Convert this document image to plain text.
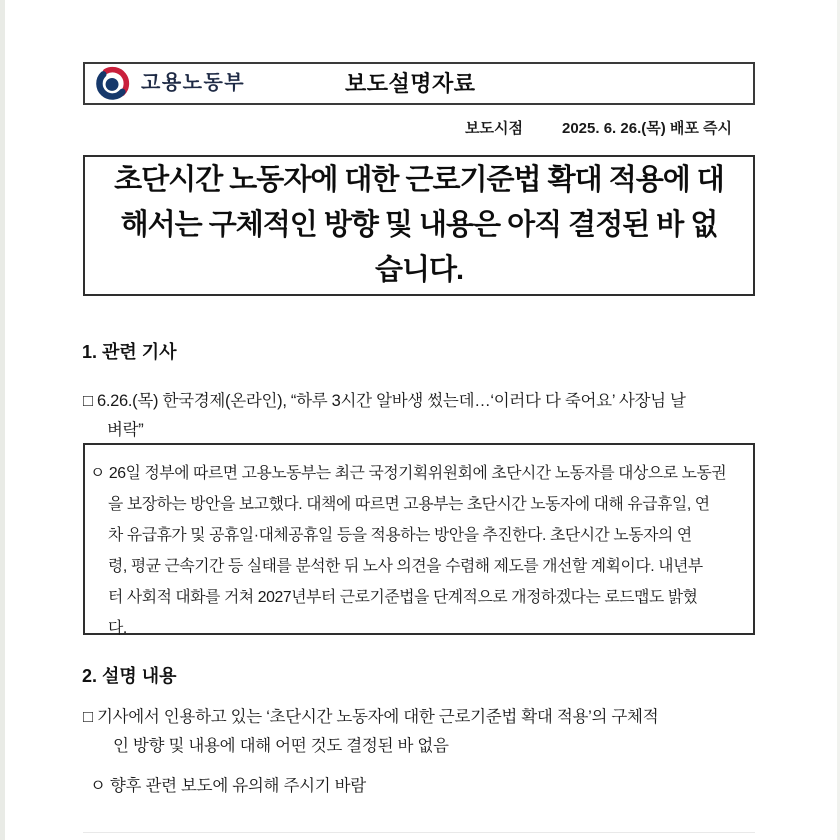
고용노동부	보도설명자료
보도시점	2025. 6. 26.(목) 배포 즉시
초단시간 노동자에 대한 근로기준법 확대 적용에 대
해서는 구체적인 방향 및 내용은 아직 결정된 바 없
습니다.
1. 관련 기사
□ 6.26.(목) 한국경제(온라인), “하루 3시간 알바생 썼는데…‘이러다 다 죽어요’ 사장님 날
벼락”
ㅇ 26일 정부에 따르면 고용노동부는 최근 국정기획위원회에 초단시간 노동자를 대상으로 노동권
을 보장하는 방안을 보고했다. 대책에 따르면 고용부는 초단시간 노동자에 대해 유급휴일, 연
차 유급휴가 및 공휴일·대체공휴일 등을 적용하는 방안을 추진한다. 초단시간 노동자의 연
령, 평균 근속기간 등 실태를 분석한 뒤 노사 의견을 수렴해 제도를 개선할 계획이다. 내년부
터 사회적 대화를 거쳐 2027년부터 근로기준법을 단계적으로 개정하겠다는 로드맵도 밝혔
다.
2. 설명 내용
□ 기사에서 인용하고 있는 ‘초단시간 노동자에 대한 근로기준법 확대 적용’의 구체적
인 방향 및 내용에 대해 어떤 것도 결정된 바 없음
ㅇ 향후 관련 보도에 유의해 주시기 바람
